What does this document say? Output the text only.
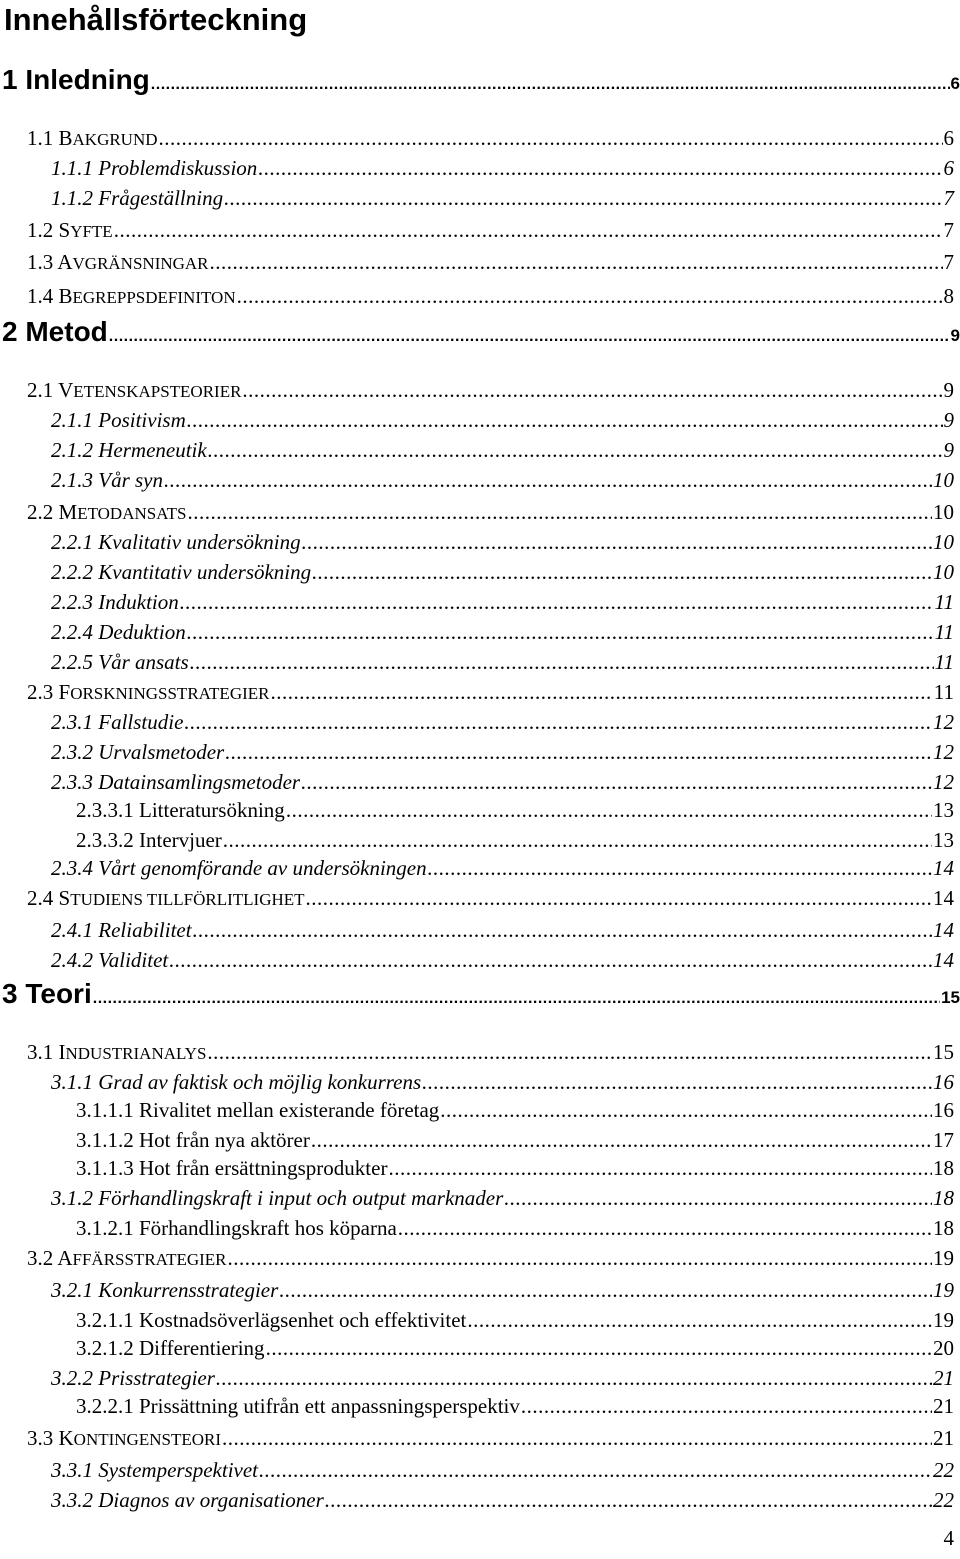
Innehållsförteckning
1 Inledning .....	6
1.1 BAKGRUND .....	6
1.1.1 Problemdiskussion .....	6
1.1.2 Frågeställning .....	7
1.2 SYFTE .....	7
1.3 AVGRÄNSNINGAR .....	7
1.4 BEGREPPSDEFINITON .....	8
2 Metod .....	9
2.1 VETENSKAPSTEORIER .....	9
2.1.1 Positivism .....	9
2.1.2 Hermeneutik .....	9
2.1.3 Vår syn .....	10
2.2 METODANSATS .....	10
2.2.1 Kvalitativ undersökning .....	10
2.2.2 Kvantitativ undersökning .....	10
2.2.3 Induktion .....	11
2.2.4 Deduktion .....	11
2.2.5 Vår ansats .....	11
2.3 FORSKNINGSSTRATEGIER .....	11
2.3.1 Fallstudie .....	12
2.3.2 Urvalsmetoder .....	12
2.3.3 Datainsamlingsmetoder .....	12
2.3.3.1 Litteratursökning .....	13
2.3.3.2 Intervjuer .....	13
2.3.4 Vårt genomförande av undersökningen .....	14
2.4 STUDIENS TILLFÖRLITLIGHET .....	14
2.4.1 Reliabilitet .....	14
2.4.2 Validitet .....	14
3 Teori .....	15
3.1 INDUSTRIANALYS .....	15
3.1.1 Grad av faktisk och möjlig konkurrens .....	16
3.1.1.1 Rivalitet mellan existerande företag .....	16
3.1.1.2 Hot från nya aktörer .....	17
3.1.1.3 Hot från ersättningsprodukter .....	18
3.1.2 Förhandlingskraft i input och output marknader .....	18
3.1.2.1 Förhandlingskraft hos köparna .....	18
3.2 AFFÄRSSTRATEGIER .....	19
3.2.1 Konkurrensstrategier .....	19
3.2.1.1 Kostnadsöverlägsenhet och effektivitet .....	19
3.2.1.2 Differentiering .....	20
3.2.2 Prisstrategier .....	21
3.2.2.1 Prissättning utifrån ett anpassningsperspektiv .....	21
3.3 KONTINGENSTEORI .....	21
3.3.1 Systemperspektivet .....	22
3.3.2 Diagnos av organisationer .....	22
4
